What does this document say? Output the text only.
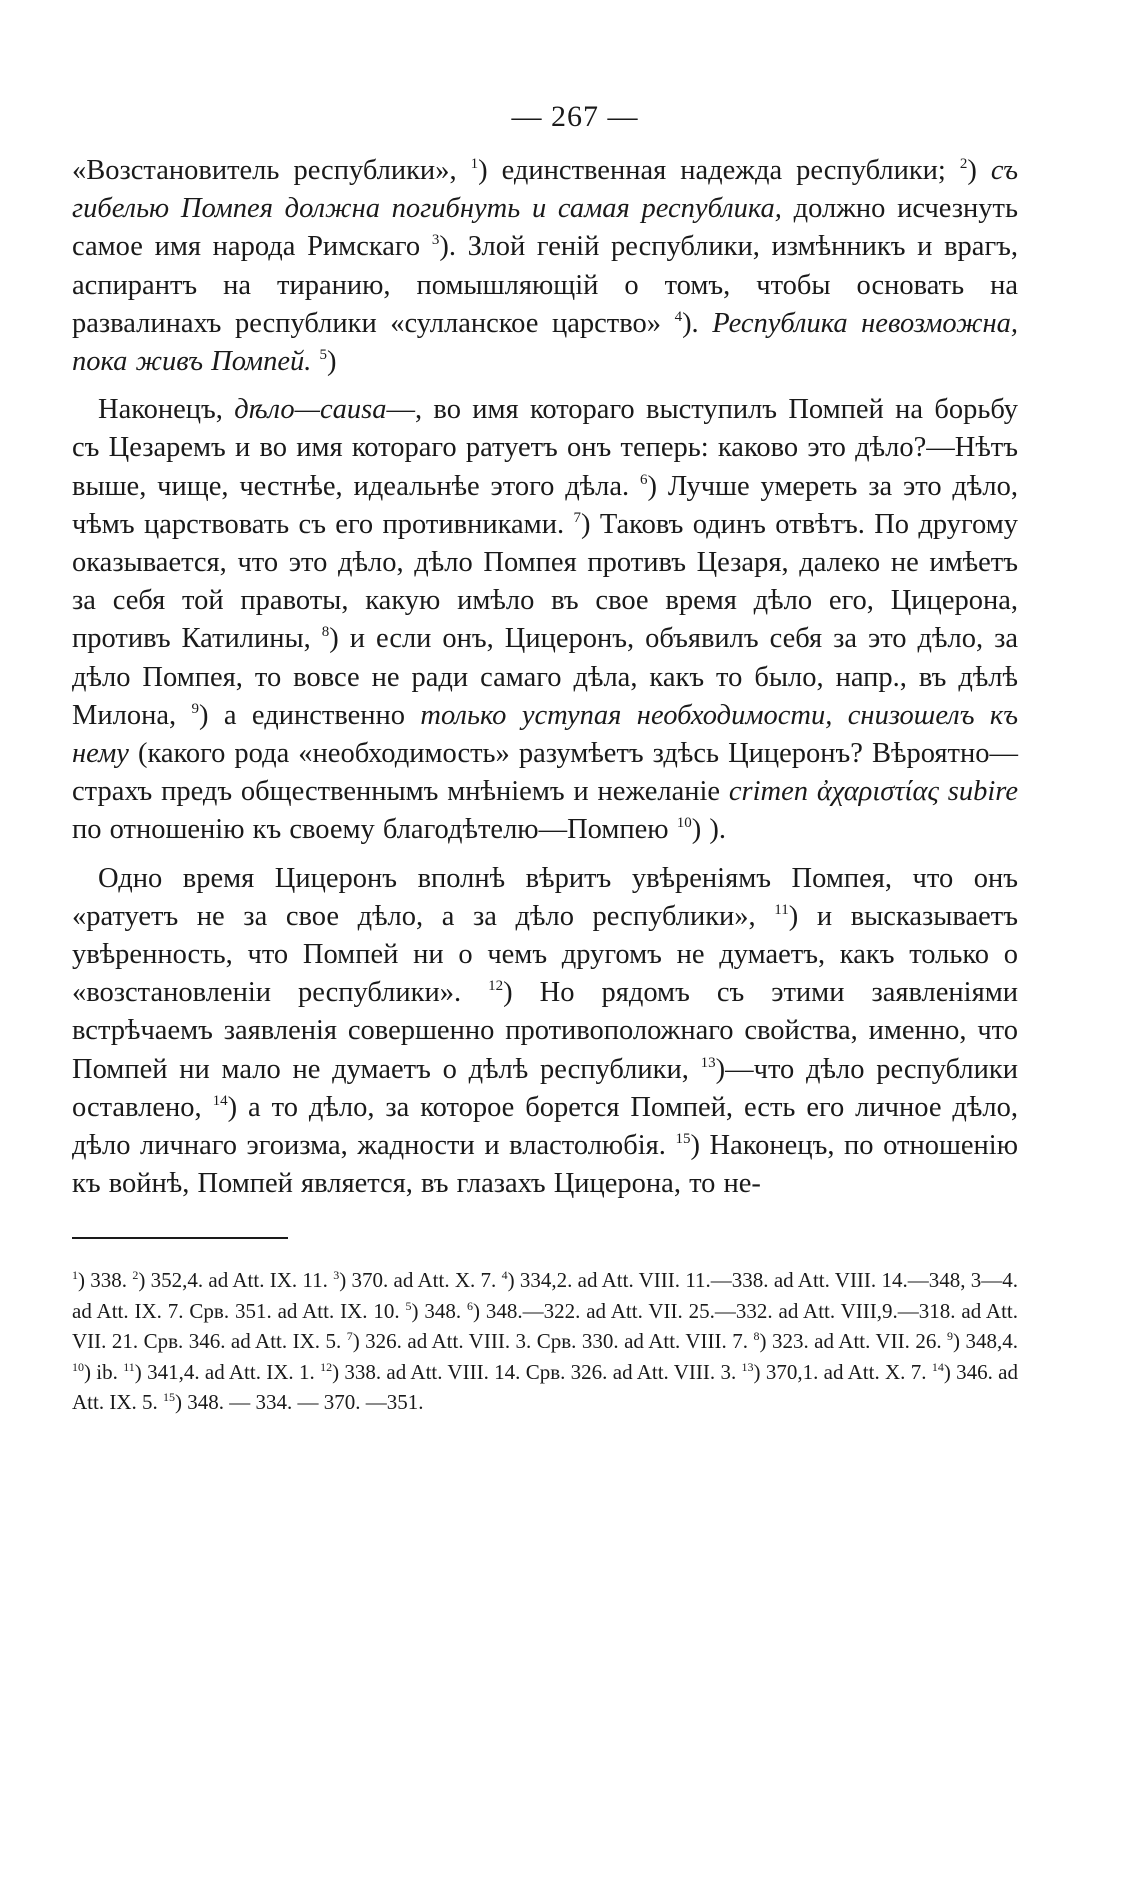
— 267 —

«Возстановитель республики», $^1$) единственная надежда республики; $^2$) съ гибелью Помпея должна погибнуть и самая республика, должно исчезнуть самое имя народа Римскаго $^3$). Злой геній республики, измѣнникъ и врагъ, аспирантъ на тиранию, помышляющій о томъ, чтобы основать на развалинахъ республики «сулланское царство» $^4$). Республика невозможна, пока живъ Помпей. $^5$)

Наконецъ, дѣло—causa—, во имя котораго выступилъ Помпей на борьбу съ Цезаремъ и во имя котораго ратуетъ онъ теперь: каково это дѣло?—Нѣтъ выше, чище, честнѣе, идеальнѣе этого дѣла. $^6$) Лучше умереть за это дѣло, чѣмъ царствовать съ его противниками. $^7$) Таковъ одинъ отвѣтъ. По другому оказывается, что это дѣло, дѣло Помпея противъ Цезаря, далеко не имѣетъ за себя той правоты, какую имѣло въ свое время дѣло его, Цицерона, противъ Катилины, $^8$) и если онъ, Цицеронъ, объявилъ себя за это дѣло, за дѣло Помпея, то вовсе не ради самаго дѣла, какъ то было, напр., въ дѣлѣ Милона, $^9$) а единственно только уступая необходимости, снизошелъ къ нему (какого рода «необходимость» разумѣетъ здѣсь Цицеронъ? Вѣроятно—страхъ предъ общественнымъ мнѣніемъ и нежеланіе crimen ἀχαριστίας subire по отношенію къ своему благодѣтелю—Помпею $^{10}$) ).

Одно время Цицеронъ вполнѣ вѣритъ увѣреніямъ Помпея, что онъ «ратуетъ не за свое дѣло, а за дѣло республики», $^{11}$) и высказываетъ увѣренность, что Помпей ни о чемъ другомъ не думаетъ, какъ только о «возстановленіи республики». $^{12}$) Но рядомъ съ этими заявленіями встрѣчаемъ заявленія совершенно противоположнаго свойства, именно, что Помпей ни мало не думаетъ о дѣлѣ республики, $^{13}$)—что дѣло республики оставлено, $^{14}$) а то дѣло, за которое борется Помпей, есть его личное дѣло, дѣло личнаго эгоизма, жадности и властолюбія. $^{15}$) Наконецъ, по отношенію къ войнѣ, Помпей является, въ глазахъ Цицерона, то не-

$^1$) 338. $^2$) 352,4. ad Att. IX. 11. $^3$) 370. ad Att. X. 7. $^4$) 334,2. ad Att. VIII. 11.—338. ad Att. VIII. 14.—348, 3—4. ad Att. IX. 7. Срв. 351. ad Att. IX. 10. $^5$) 348. $^6$) 348.—322. ad Att. VII. 25.—332. ad Att. VIII,9.—318. ad Att. VII. 21. Срв. 346. ad Att. IX. 5. $^7$) 326. ad Att. VIII. 3. Срв. 330. ad Att. VIII. 7. $^8$) 323. ad Att. VII. 26. $^9$) 348,4. $^{10}$) ib. $^{11}$) 341,4. ad Att. IX. 1. $^{12}$) 338. ad Att. VIII. 14. Срв. 326. ad Att. VIII. 3. $^{13}$) 370,1. ad Att. X. 7. $^{14}$) 346. ad Att. IX. 5. $^{15}$) 348. — 334. — 370. —351.
